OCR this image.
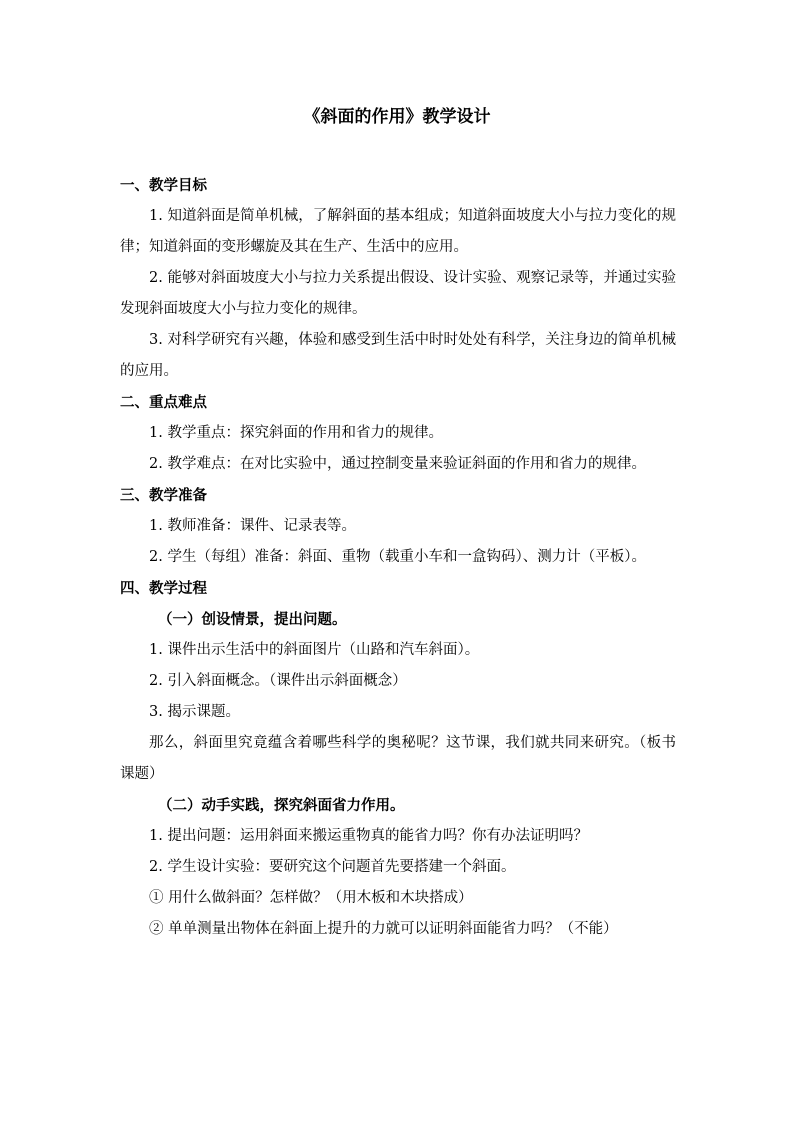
《斜面的作用》教学设计
一、教学目标
1. 知道斜面是简单机械，了解斜面的基本组成；知道斜面坡度大小与拉力变化的规律；知道斜面的变形螺旋及其在生产、生活中的应用。
2. 能够对斜面坡度大小与拉力关系提出假设、设计实验、观察记录等，并通过实验发现斜面坡度大小与拉力变化的规律。
3. 对科学研究有兴趣，体验和感受到生活中时时处处有科学，关注身边的简单机械的应用。
二、重点难点
1. 教学重点：探究斜面的作用和省力的规律。
2. 教学难点：在对比实验中，通过控制变量来验证斜面的作用和省力的规律。
三、教学准备
1. 教师准备：课件、记录表等。
2. 学生（每组）准备：斜面、重物（载重小车和一盒钩码）、测力计（平板）。
四、教学过程
（一）创设情景，提出问题。
1. 课件出示生活中的斜面图片（山路和汽车斜面）。
2. 引入斜面概念。（课件出示斜面概念）
3. 揭示课题。
那么，斜面里究竟蕴含着哪些科学的奥秘呢？这节课，我们就共同来研究。（板书课题）
（二）动手实践，探究斜面省力作用。
1. 提出问题：运用斜面来搬运重物真的能省力吗？你有办法证明吗？
2. 学生设计实验：要研究这个问题首先要搭建一个斜面。
① 用什么做斜面？怎样做？（用木板和木块搭成）
② 单单测量出物体在斜面上提升的力就可以证明斜面能省力吗？（不能）
